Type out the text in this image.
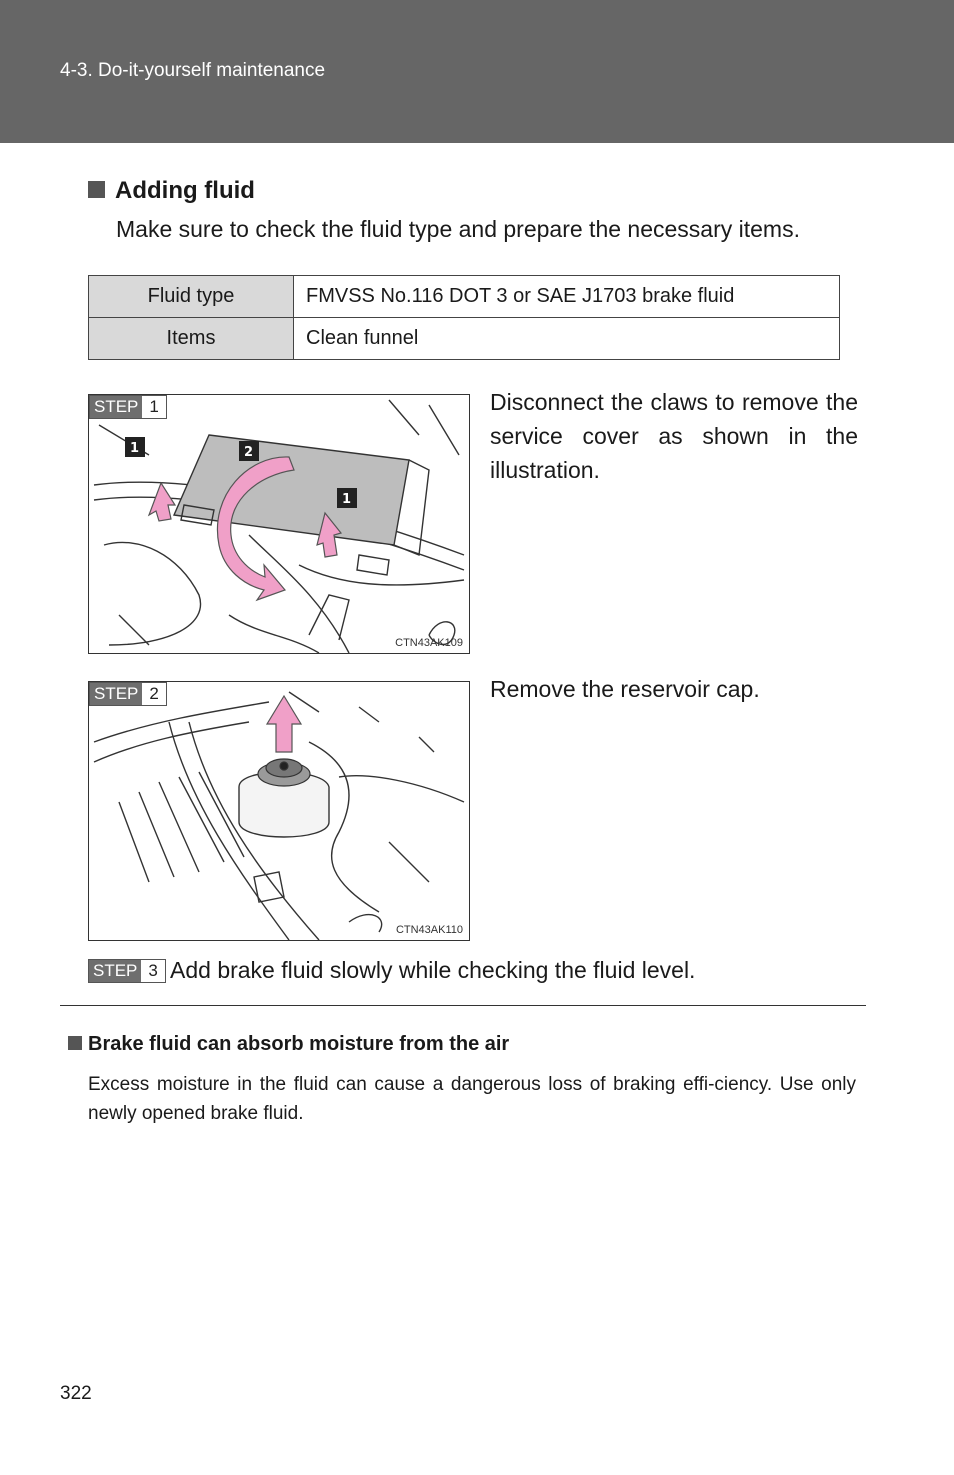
4-3. Do-it-yourself maintenance
Adding fluid
Make sure to check the fluid type and prepare the necessary items.
Fluid type	FMVSS No.116 DOT 3 or SAE J1703 brake fluid
Items	Clean funnel
STEP 1
1	2
1
CTN43AK109
Disconnect the claws to remove the service cover as shown in the illustration.
STEP 2
CTN43AK110
Remove the reservoir cap.
STEP 3 Add brake fluid slowly while checking the fluid level.
Brake fluid can absorb moisture from the air
Excess moisture in the fluid can cause a dangerous loss of braking effi-ciency. Use only newly opened brake fluid.
322
